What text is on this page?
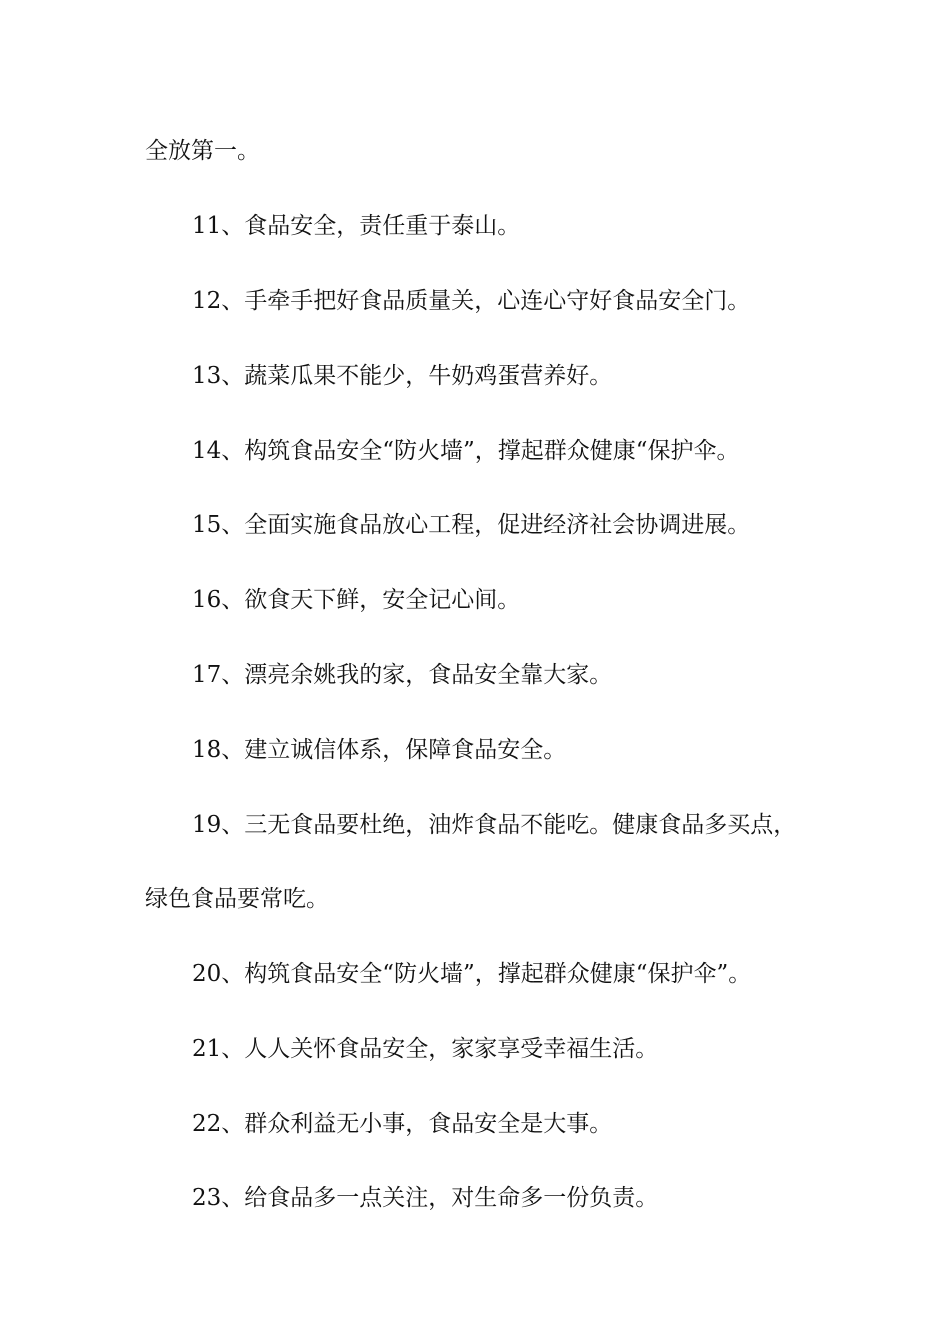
全放第一。
11、食品安全，责任重于泰山。
12、手牵手把好食品质量关，心连心守好食品安全门。
13、蔬菜瓜果不能少，牛奶鸡蛋营养好。
14、构筑食品安全“防火墙”，撑起群众健康“保护伞。
15、全面实施食品放心工程，促进经济社会协调进展。
16、欲食天下鲜，安全记心间。
17、漂亮余姚我的家，食品安全靠大家。
18、建立诚信体系，保障食品安全。
19、三无食品要杜绝，油炸食品不能吃。健康食品多买点，
绿色食品要常吃。
20、构筑食品安全“防火墙”，撑起群众健康“保护伞”。
21、人人关怀食品安全，家家享受幸福生活。
22、群众利益无小事，食品安全是大事。
23、给食品多一点关注，对生命多一份负责。
